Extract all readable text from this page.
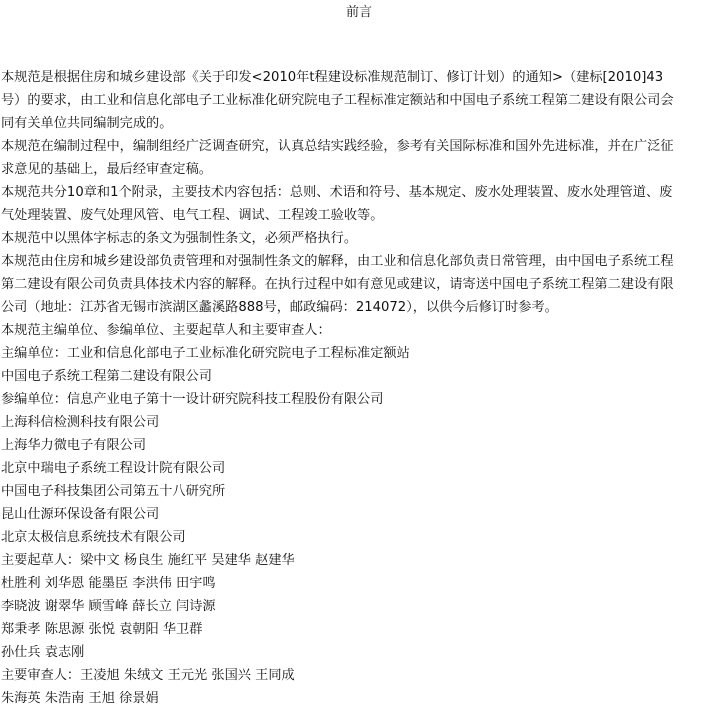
前言

本规范是根据住房和城乡建设部《关于印发<2010年t程建设标准规范制订、修订计划）的通知>（建标[2010]43

号）的要求，由工业和信息化部电子工业标准化研究院电子工程标准定额站和中国电子系统工程第二建设有限公司会

同有关单位共同编制完成的。

本规范在编制过程中，编制组经广泛调查研究，认真总结实践经验，参考有关国际标准和国外先进标准，并在广泛征

求意见的基础上，最后经审查定稿。

本规范共分10章和1个附录，主要技术内容包括：总则、术语和符号、基本规定、废水处理装置、废水处理管道、废

气处理装置、废气处理风管、电气工程、调试、工程竣工验收等。

本规范中以黑体字标志的条文为强制性条文，必须严格执行。

本规范由住房和城乡建设部负责管理和对强制性条文的解释，由工业和信息化部负责日常管理，由中国电子系统工程

第二建设有限公司负责具体技术内容的解释。在执行过程中如有意见或建议，请寄送中国电子系统工程第二建设有限

公司（地址：江苏省无锡市滨湖区蠡溪路888号，邮政编码：214072），以供今后修订时参考。

本规范主编单位、参编单位、主要起草人和主要审查人：

主编单位：工业和信息化部电子工业标准化研究院电子工程标准定额站

中国电子系统工程第二建设有限公司

参编单位：信息产业电子第十一设计研究院科技工程股份有限公司

上海科信检测科技有限公司

上海华力微电子有限公司

北京中瑞电子系统工程设计院有限公司

中国电子科技集团公司第五十八研究所

昆山仕源环保设备有限公司

北京太极信息系统技术有限公司

主要起草人：梁中文 杨良生 施红平 吴建华 赵建华

杜胜利 刘华恩 能墨臣 李洪伟 田宇鸣

李晓波 谢翠华 顾雪峰 薛长立 闫诗源

郑秉孝 陈思源 张悦 袁朝阳 华卫群

孙仕兵 袁志刚

主要审查人：王凌旭 朱绒文 王元光 张国兴 王同成

朱海英 朱浩南 王旭 徐景娟
